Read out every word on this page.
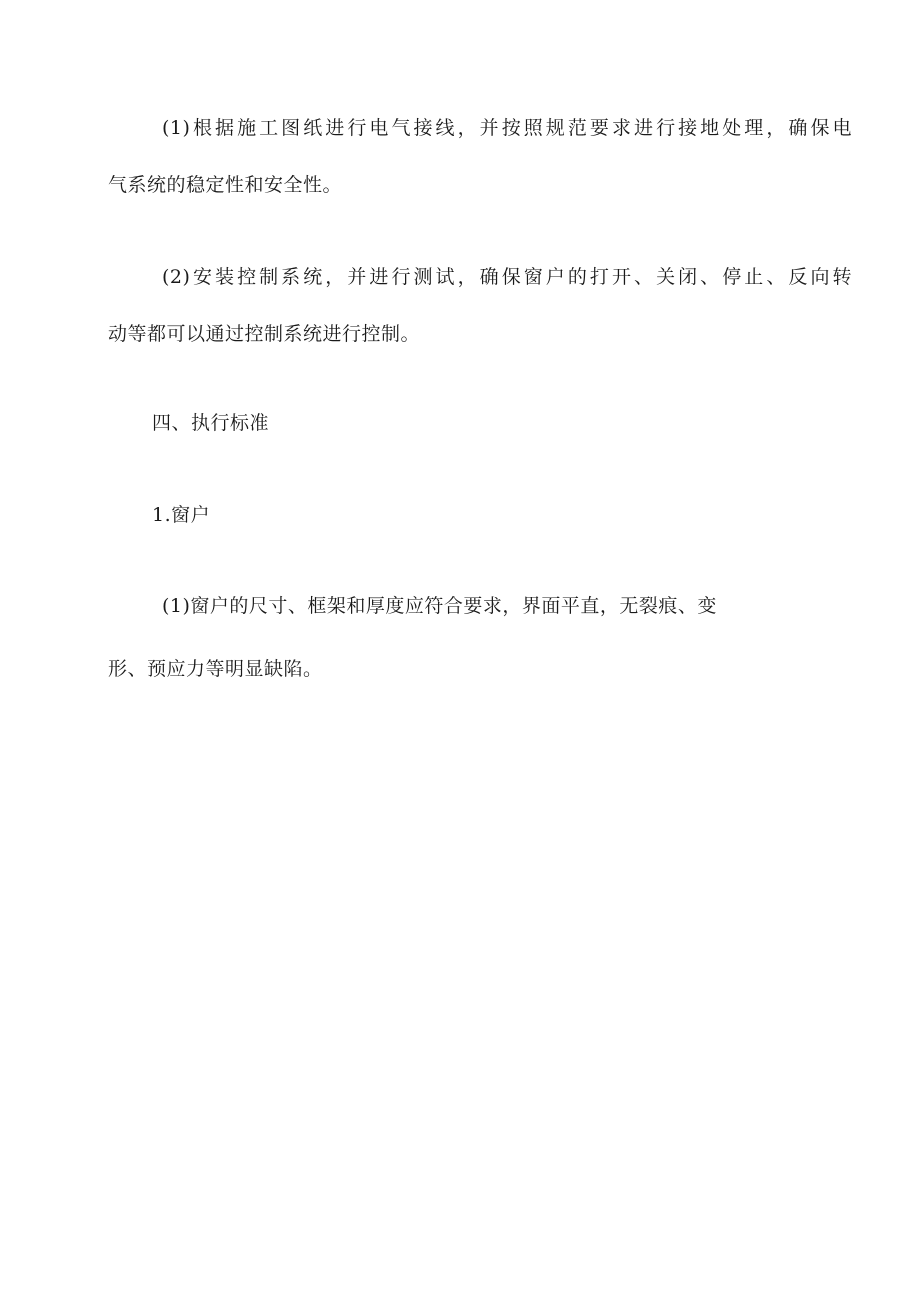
(1)根据施工图纸进行电气接线，并按照规范要求进行接地处理，确保电
气系统的稳定性和安全性。
(2)安装控制系统，并进行测试，确保窗户的打开、关闭、停止、反向转
动等都可以通过控制系统进行控制。
四、执行标准
1.窗户
(1)窗户的尺寸、框架和厚度应符合要求，界面平直，无裂痕、变
形、预应力等明显缺陷。
